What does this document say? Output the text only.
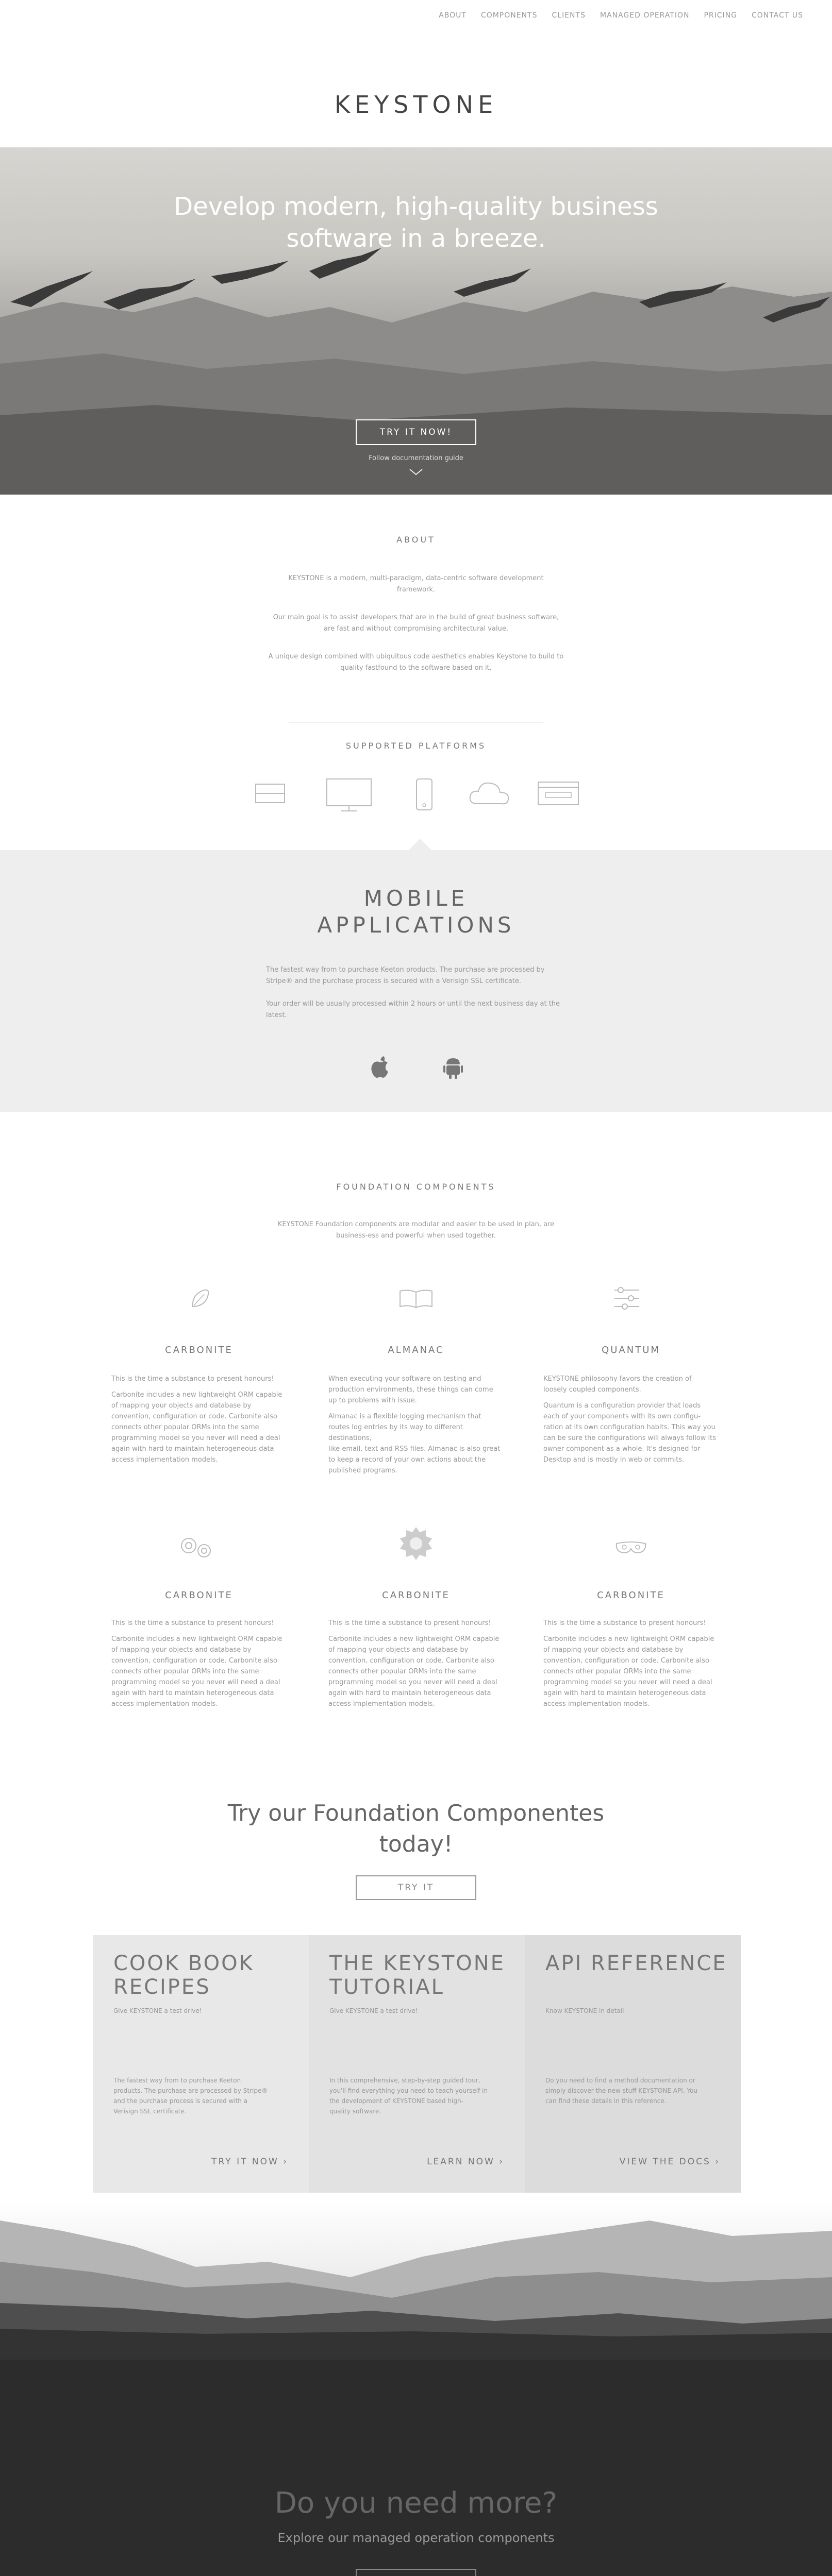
ABOUT COMPONENTS CLIENTS MANAGED OPERATION PRICING CONTACT US
KEYSTONE
Develop modern, high-quality business
software in a breeze.
TRY IT NOW!
Follow documentation guide
ABOUT
KEYSTONE is a modern, multi-paradigm, data-centric software development
framework.
Our main goal is to assist developers that are in the build of great business software,
are fast and without compromising architectural value.
A unique design combined with ubiquitous code aesthetics enables Keystone to build to
quality fastfound to the software based on it.
SUPPORTED PLATFORMS
MOBILE
APPLICATIONS
The fastest way from to purchase Keeton products. The purchase are processed by
Stripe® and the purchase process is secured with a Verisign SSL certificate.
Your order will be usually processed within 2 hours or until the next business day at the
latest.
FOUNDATION COMPONENTS
KEYSTONE Foundation components are modular and easier to be used in plan, are
business-ess and powerful when used together.
CARBONITE	ALMANAC	QUANTUM
This is the time a substance to present honours!
Carbonite includes a new lightweight ORM capable
of mapping your objects and database by
convention, configuration or code. Carbonite also
connects other popular ORMs into the same
programming model so you never will need a deal
again with hard to maintain heterogeneous data
access implementation models.
When executing your software on testing and
production environments, these things can come
up to problems with issue.
Almanac is a flexible logging mechanism that
routes log entries by its way to different destinations,
like email, text and RSS files. Almanac is also great
to keep a record of your own actions about the
published programs.
KEYSTONE philosophy favors the creation of
loosely coupled components.
Quantum is a configuration provider that loads
each of your components with its own configu-
ration at its own configuration habits. This way you
can be sure the configurations will always follow its
owner component as a whole. It's designed for
Desktop and is mostly in web or commits.
CARBONITE	CARBONITE	CARBONITE
This is the time a substance to present honours!
Carbonite includes a new lightweight ORM capable
of mapping your objects and database by
convention, configuration or code. Carbonite also
connects other popular ORMs into the same
programming model so you never will need a deal
again with hard to maintain heterogeneous data
access implementation models.
This is the time a substance to present honours!
Carbonite includes a new lightweight ORM capable
of mapping your objects and database by
convention, configuration or code. Carbonite also
connects other popular ORMs into the same
programming model so you never will need a deal
again with hard to maintain heterogeneous data
access implementation models.
This is the time a substance to present honours!
Carbonite includes a new lightweight ORM capable
of mapping your objects and database by
convention, configuration or code. Carbonite also
connects other popular ORMs into the same
programming model so you never will need a deal
again with hard to maintain heterogeneous data
access implementation models.
Try our Foundation Componentes
today!
TRY IT
COOK BOOK
RECIPES
Give KEYSTONE a test drive!
The fastest way from to purchase Keeton
products. The purchase are processed by Stripe®
and the purchase process is secured with a
Verisign SSL certificate.
TRY IT NOW ›
THE KEYSTONE
TUTORIAL
Give KEYSTONE a test drive!
In this comprehensive, step-by-step guided tour,
you'll find everything you need to teach yourself in
the development of KEYSTONE based high-
quality software.
LEARN NOW ›
API REFERENCE
Know KEYSTONE in detail
Do you need to find a method documentation or
simply discover the new stuff KEYSTONE API. You
can find these details in this reference.
VIEW THE DOCS ›
Do you need more?
Explore our managed operation components
